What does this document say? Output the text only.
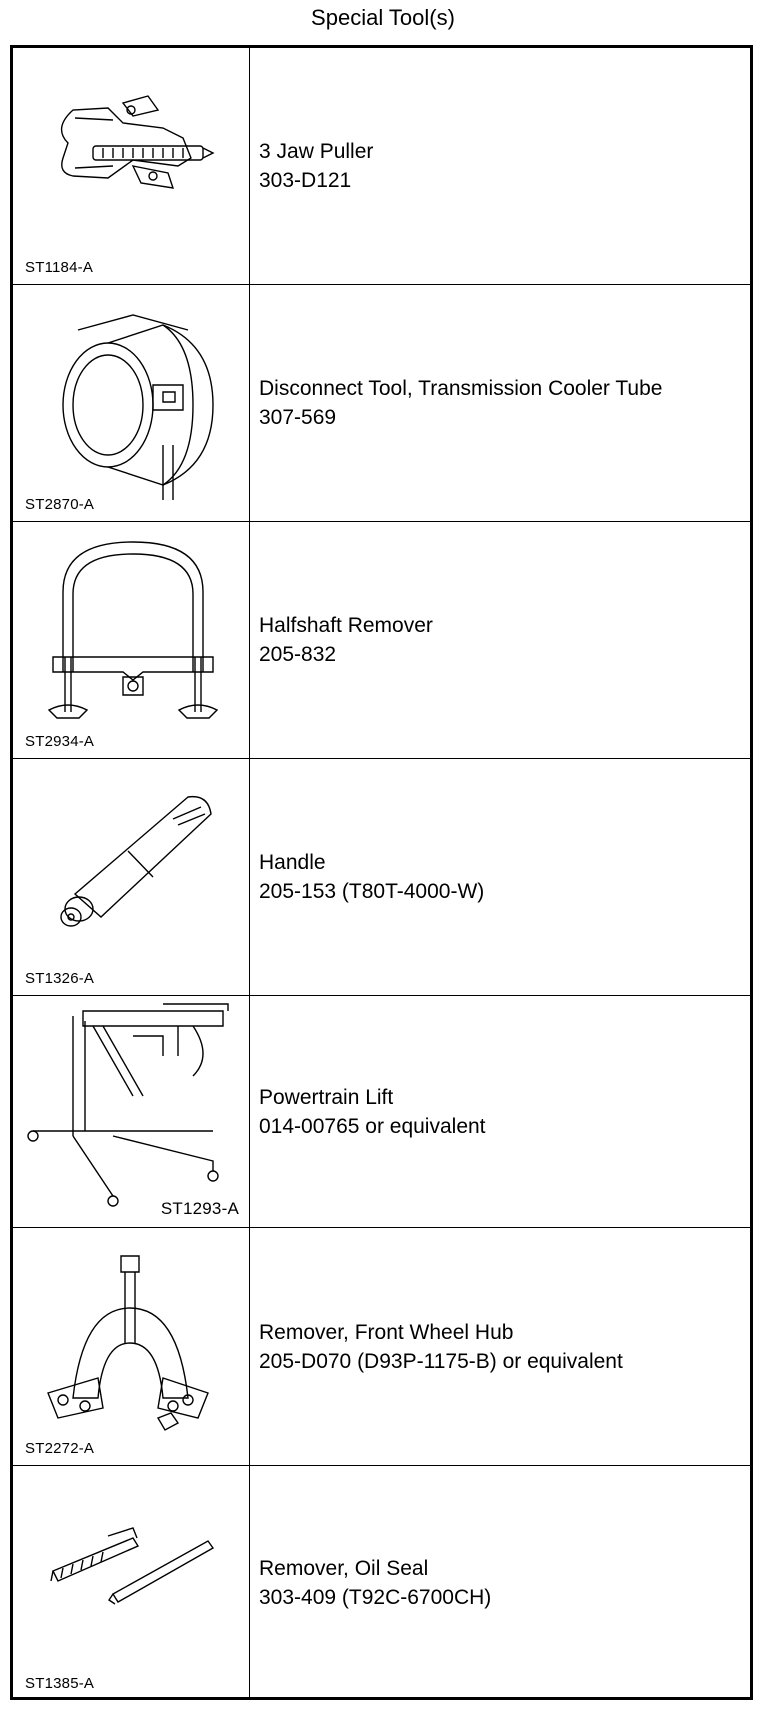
Special Tool(s)
ST1184-A
3 Jaw Puller
303-D121
ST2870-A
Disconnect Tool, Transmission Cooler Tube
307-569
ST2934-A
Halfshaft Remover
205-832
ST1326-A
Handle
205-153 (T80T-4000-W)
ST1293-A
Powertrain Lift
014-00765 or equivalent
ST2272-A
Remover, Front Wheel Hub
205-D070 (D93P-1175-B) or equivalent
ST1385-A
Remover, Oil Seal
303-409 (T92C-6700CH)
